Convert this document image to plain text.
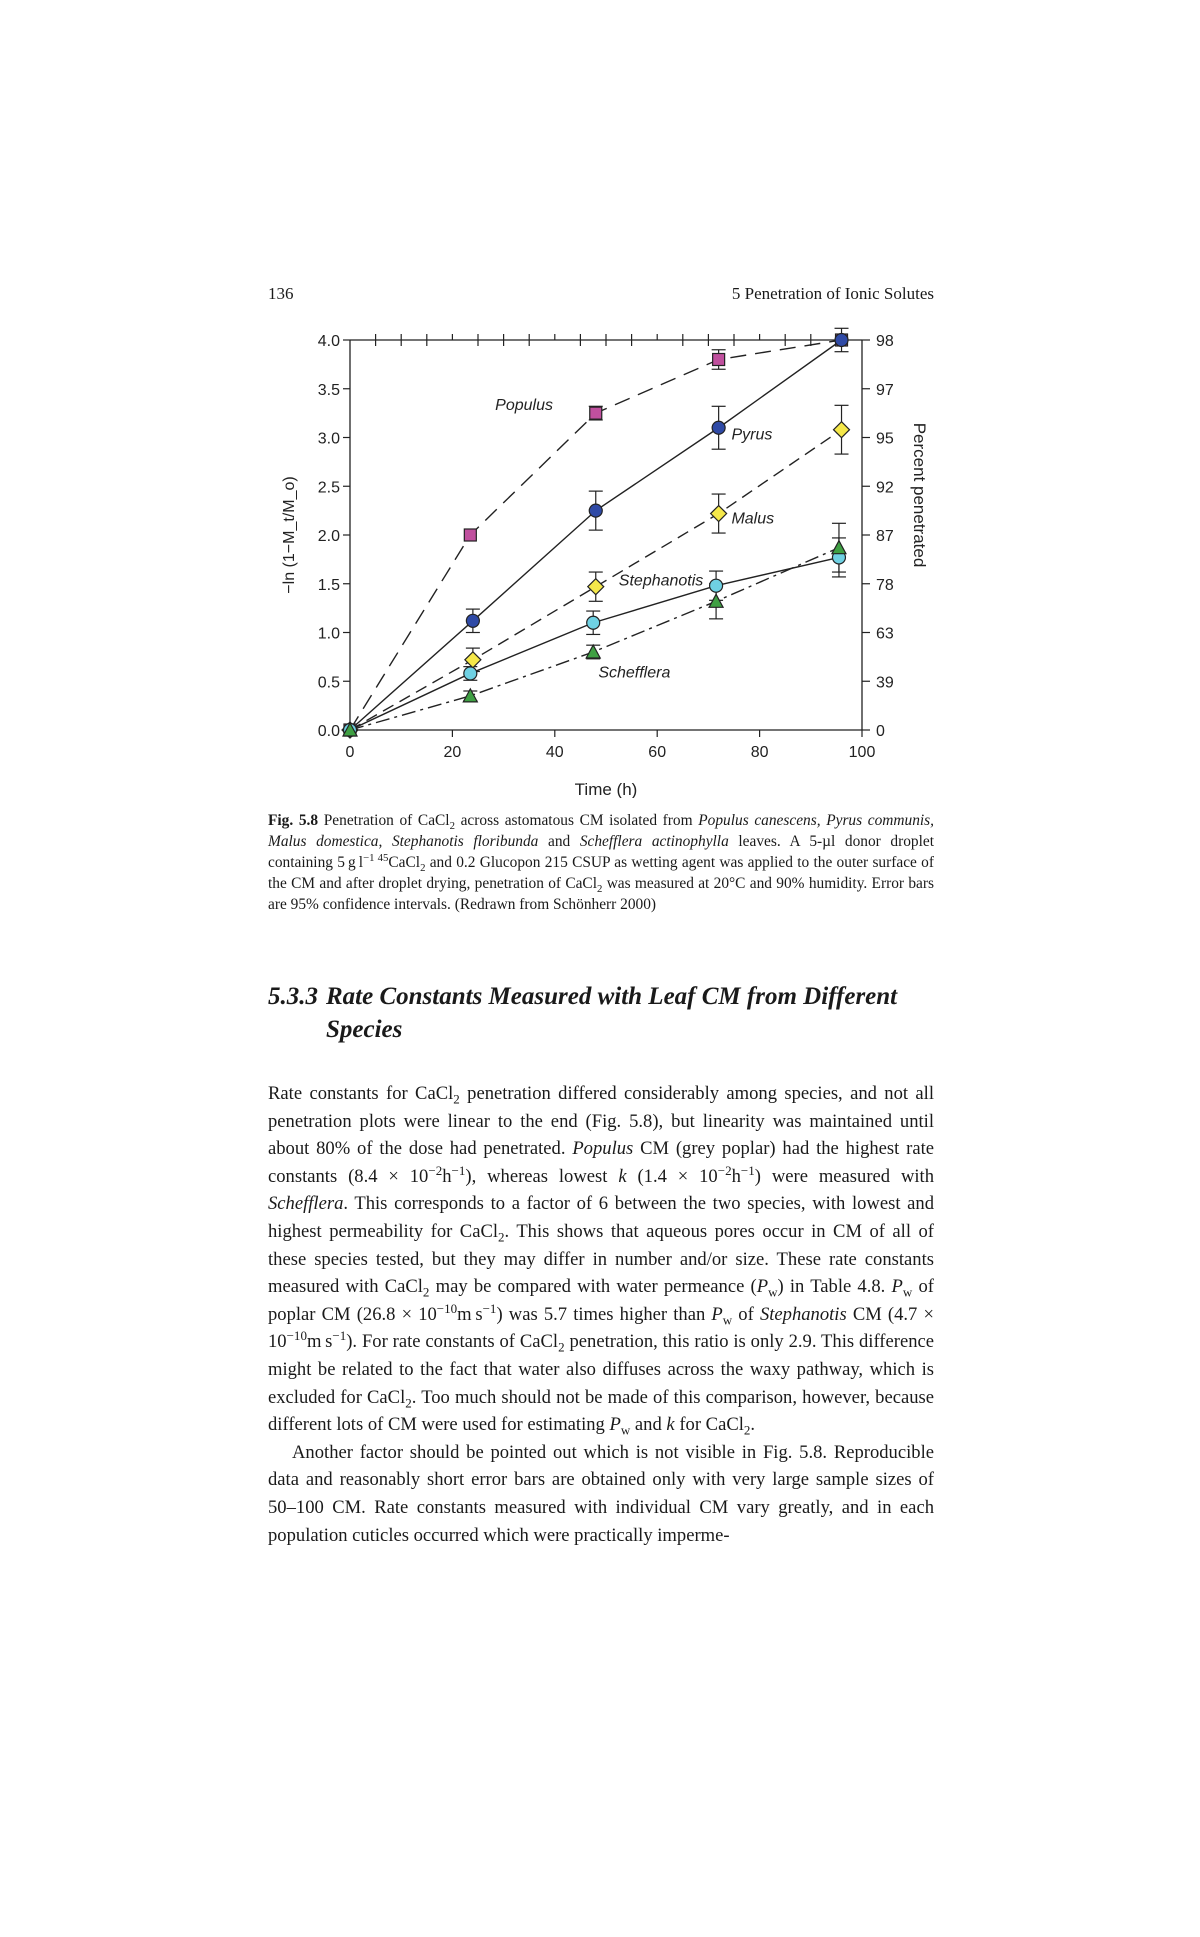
136	5 Penetration of Ionic Solutes
0	20	40	60	80	100
0.0
0.5
1.0
1.5
2.0
2.5
3.0
3.5
4.0
0
39
63
78
87
92
95
97
98
Time (h)
−ln (1−M_t/M_o)	Percent penetrated
Populus
Pyrus
Malus
Stephanotis
Schefflera
Fig. 5.8 Penetration of CaCl$_2$ across astomatous CM isolated from Populus canescens, Pyrus communis, Malus domestica, Stephanotis floribunda and Schefflera actinophylla leaves. A 5-µl donor droplet containing 5 g $l^{-1}$ $^{45}$CaCl$_2$ and 0.2 Glucopon 215 CSUP as wetting agent was applied to the outer surface of the CM and after droplet drying, penetration of CaCl$_2$ was measured at 20°C and 90% humidity. Error bars are 95% confidence intervals. (Redrawn from Schönherr 2000)
5.3.3 Rate Constants Measured with Leaf CM from Different
Species

Rate constants for CaCl$_2$ penetration differed considerably among species, and not all penetration plots were linear to the end (Fig. 5.8), but linearity was maintained until about 80% of the dose had penetrated. Populus CM (grey poplar) had the highest rate constants $(8.4 \times 10^{-2}h^{-1})$, whereas lowest k $(1.4 \times 10^{-2}h^{-1})$ were measured with Schefflera. This corresponds to a factor of 6 between the two species, with lowest and highest permeability for CaCl$_2$. This shows that aqueous pores occur in CM of all of these species tested, but they may differ in number and/or size. These rate constants measured with CaCl$_2$ may be compared with water permeance $(P_w)$ in Table 4.8. $P_w$ of poplar CM ($26.8 \times 10^{-10}m$ $s^{-1}$) was 5.7 times higher than $P_w$ of Stephanotis CM ($4.7 \times 10^{-10}m$ $s^{-1}$). For rate constants of CaCl$_2$ penetration, this ratio is only 2.9. This difference might be related to the fact that water also diffuses across the waxy pathway, which is excluded for CaCl$_2$. Too much should not be made of this comparison, however, because different lots of CM were used for estimating $P_w$ and k for CaCl$_2$.

Another factor should be pointed out which is not visible in Fig. 5.8. Reproducible data and reasonably short error bars are obtained only with very large sample sizes of 50–100 CM. Rate constants measured with individual CM vary greatly, and in each population cuticles occurred which were practically imperme-
